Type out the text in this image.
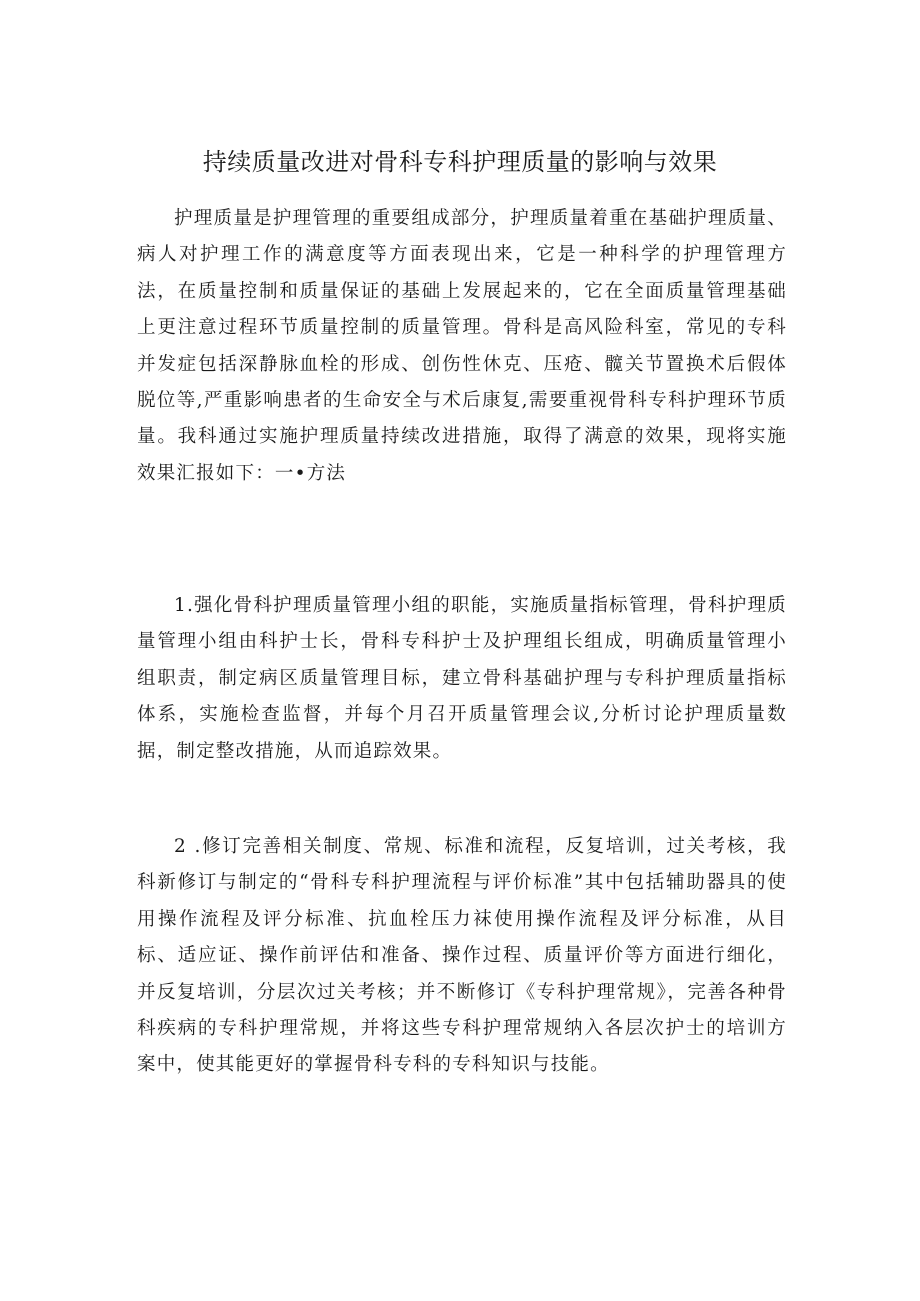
持续质量改进对骨科专科护理质量的影响与效果

护理质量是护理管理的重要组成部分，护理质量着重在基础护理质量、病人对护理工作的满意度等方面表现出来，它是一种科学的护理管理方法，在质量控制和质量保证的基础上发展起来的，它在全面质量管理基础上更注意过程环节质量控制的质量管理。骨科是高风险科室，常见的专科并发症包括深静脉血栓的形成、创伤性休克、压疮、髋关节置换术后假体脱位等,严重影响患者的生命安全与术后康复,需要重视骨科专科护理环节质量。我科通过实施护理质量持续改进措施，取得了满意的效果，现将实施效果汇报如下：一•方法

1.强化骨科护理质量管理小组的职能，实施质量指标管理，骨科护理质量管理小组由科护士长，骨科专科护士及护理组长组成，明确质量管理小组职责，制定病区质量管理目标，建立骨科基础护理与专科护理质量指标体系，实施检查监督，并每个月召开质量管理会议,分析讨论护理质量数据，制定整改措施，从而追踪效果。

2 .修订完善相关制度、常规、标准和流程，反复培训，过关考核，我科新修订与制定的“骨科专科护理流程与评价标准”其中包括辅助器具的使用操作流程及评分标准、抗血栓压力袜使用操作流程及评分标准，从目标、适应证、操作前评估和准备、操作过程、质量评价等方面进行细化，并反复培训，分层次过关考核；并不断修订《专科护理常规》，完善各种骨科疾病的专科护理常规，并将这些专科护理常规纳入各层次护士的培训方案中，使其能更好的掌握骨科专科的专科知识与技能。
